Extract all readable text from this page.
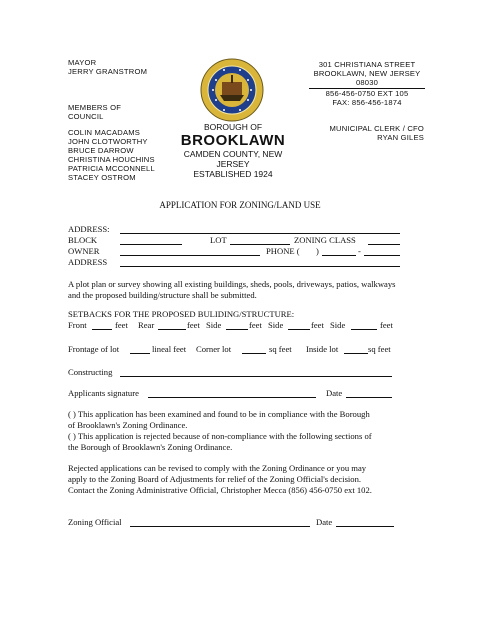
MAYOR
JERRY GRANSTROM
MEMBERS OF
COUNCIL
COLIN MACADAMS
JOHN CLOTWORTHY
BRUCE DARROW
CHRISTINA HOUCHINS
PATRICIA MCCONNELL
STACEY OSTROM
BOROUGH OF
BROOKLAWN
CAMDEN COUNTY, NEW
JERSEY
ESTABLISHED 1924
301 CHRISTIANA STREET
BROOKLAWN, NEW JERSEY
08030
856-456-0750 EXT 105
FAX: 856-456-1874
MUNICIPAL CLERK / CFO
RYAN GILES
APPLICATION FOR ZONING/LAND USE
ADDRESS:
BLOCK	LOT	ZONING CLASS
OWNER	PHONE ( )	-
ADDRESS
A plot plan or survey showing all existing buildings, sheds, pools, driveways, patios, walkways and the proposed building/structure shall be submitted.
SETBACKS FOR THE PROPOSED BULIDING/STRUCTURE:
Front	feet Rear	feet Side	feet Side	feet Side	feet
Frontage of lot	lineal feet Corner lot	sq feet Inside lot	sq feet
Constructing
Applicants signature	Date
( ) This application has been examined and found to be in compliance with the Borough
of Brooklawn's Zoning Ordinance.
( ) This application is rejected because of non-compliance with the following sections of
the Borough of Brooklawn's Zoning Ordinance.
Rejected applications can be revised to comply with the Zoning Ordinance or you may
apply to the Zoning Board of Adjustments for relief of the Zoning Official's decision.
Contact the Zoning Administrative Official, Christopher Mecca (856) 456-0750 ext 102.
Zoning Official	Date
